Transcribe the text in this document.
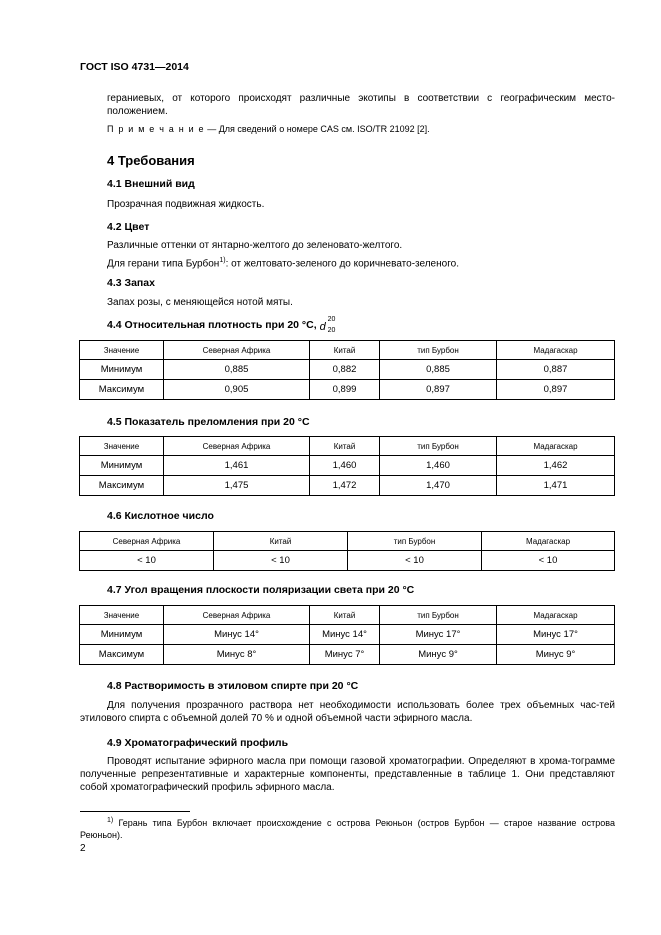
ГОСТ ISO 4731—2014
гераниевых, от которого происходят различные экотипы в соответствии с географическим место-положением.
П р и м е ч а н и е — Для сведений о номере CAS см. ISO/TR 21092 [2].
4 Требования
4.1 Внешний вид
Прозрачная подвижная жидкость.
4.2 Цвет
Различные оттенки от янтарно-желтого до зеленовато-желтого.
Для герани типа Бурбон$^{1)}$: от желтовато-зеленого до коричневато-зеленого.
4.3 Запах
Запах розы, с меняющейся нотой мяты.
4.4 Относительная плотность при 20 °С, d
20
20
Значение	Северная Африка	Китай	тип Бурбон	Мадагаскар
Минимум	0,885	0,882	0,885	0,887
Максимум	0,905	0,899	0,897	0,897
4.5 Показатель преломления при 20 °С
Значение	Северная Африка	Китай	тип Бурбон	Мадагаскар
Минимум	1,461	1,460	1,460	1,462
Максимум	1,475	1,472	1,470	1,471
4.6 Кислотное число
Северная Африка	Китай	тип Бурбон	Мадагаскар
< 10	< 10	< 10	< 10
4.7 Угол вращения плоскости поляризации света при 20 °С
Значение	Северная Африка	Китай	тип Бурбон	Мадагаскар
Минимум	Минус 14°	Минус 14°	Минус 17°	Минус 17°
Максимум	Минус 8°	Минус 7°	Минус 9°	Минус 9°
4.8 Растворимость в этиловом спирте при 20 °С
Для получения прозрачного раствора нет необходимости использовать более трех объемных час-тей этилового спирта с объемной долей 70 % и одной объемной части эфирного масла.
4.9 Хроматографический профиль
Проводят испытание эфирного масла при помощи газовой хроматографии. Определяют в хрома-тограмме полученные репрезентативные и характерные компоненты, представленные в таблице 1. Они представляют собой хроматографический профиль эфирного масла.
$^{1)}$ Герань типа Бурбон включает происхождение с острова Реюньон (остров Бурбон — старое название острова Реюньон).
2
